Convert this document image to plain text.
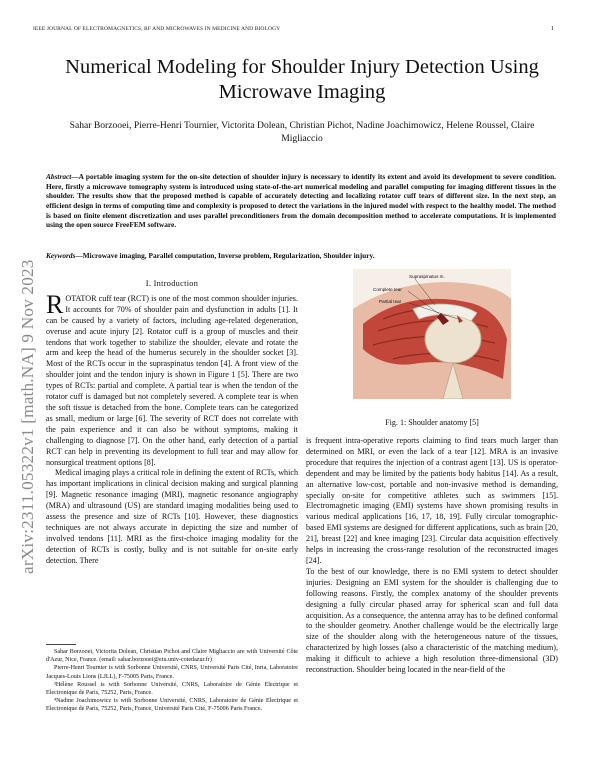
IEEE JOURNAL OF ELECTROMAGNETICS, RF AND MICROWAVES IN MEDICINE AND BIOLOGY	1
arXiv:2311.05322v1 [math.NA] 9 Nov 2023
Numerical Modeling for Shoulder Injury Detection Using Microwave Imaging
Sahar Borzooei, Pierre-Henri Tournier, Victorita Dolean, Christian Pichot, Nadine Joachimowicz, Helene Roussel, Claire Migliaccio
Abstract—A portable imaging system for the on-site detection of shoulder injury is necessary to identify its extent and avoid its development to severe condition. Here, firstly a microwave tomography system is introduced using state-of-the-art numerical modeling and parallel computing for imaging different tissues in the shoulder. The results show that the proposed method is capable of accurately detecting and localizing rotator cuff tears of different size. In the next step, an efficient design in terms of computing time and complexity is proposed to detect the variations in the injured model with respect to the healthy model. The method is based on finite element discretization and uses parallel preconditioners from the domain decomposition method to accelerate computations. It is implemented using the open source FreeFEM software.
Keywords—Microwave imaging, Parallel computation, Inverse problem, Regularization, Shoulder injury.
I. Introduction

ROTATOR cuff tear (RCT) is one of the most common shoulder injuries. It accounts for 70% of shoulder pain and dysfunction in adults [1]. It can be caused by a variety of factors, including age-related degeneration, overuse and acute injury [2]. Rotator cuff is a group of muscles and their tendons that work together to stabilize the shoulder, elevate and rotate the arm and keep the head of the humerus securely in the shoulder socket [3]. Most of the RCTs occur in the supraspinatus tendon [4]. A front view of the shoulder joint and the tendon injury is shown in Figure 1 [5]. There are two types of RCTs: partial and complete. A partial tear is when the tendon of the rotator cuff is damaged but not completely severed. A complete tear is when the soft tissue is detached from the bone. Complete tears can be categorized as small, medium or large [6]. The severity of RCT does not correlate with the pain experience and it can also be without symptoms, making it challenging to diagnose [7]. On the other hand, early detection of a partial RCT can help in preventing its development to full tear and may allow for nonsurgical treatment options [8].

Medical imaging plays a critical role in defining the extent of RCTs, which has important implications in clinical decision making and surgical planning [9]. Magnetic resonance imaging (MRI), magnetic resonance angiography (MRA) and ultrasound (US) are standard imaging modalities being used to assess the presence and size of RCTs [10]. However, these diagnostics techniques are not always accurate in depicting the size and number of involved tendons [11]. MRI as the first-choice imaging modality for the detection of RCTs is costly, bulky and is not suitable for on-site early detection. There

Supraspinatus m.
Complete tear
Partial tear
Fig. 1: Shoulder anatomy [5]

is frequent intra-operative reports claiming to find tears much larger than determined on MRI, or even the lack of a tear [12]. MRA is an invasive procedure that requires the injection of a contrast agent [13]. US is operator-dependent and may be limited by the patients body habitus [14]. As a result, an alternative low-cost, portable and non-invasive method is demanding, specially on-site for competitive athletes such as swimmers [15]. Electromagnetic imaging (EMI) systems have shown promising results in various medical applications [16, 17, 18, 19]. Fully circular tomographic-based EMI systems are designed for different applications, such as brain [20, 21], breast [22] and knee imaging [23]. Circular data acquisition effectively helps in increasing the cross-range resolution of the reconstructed images [24].

To the best of our knowledge, there is no EMI system to detect shoulder injuries. Designing an EMI system for the shoulder is challenging due to following reasons. Firstly, the complex anatomy of the shoulder prevents designing a fully circular phased array for spherical scan and full data acquisition. As a consequence, the antenna array has to be defined conformal to the shoulder geometry. Another challenge would be the electrically large size of the shoulder along with the heterogeneous nature of the tissues, characterized by high losses (also a characteristic of the matching medium), making it difficult to achieve a high resolution three-dimensional (3D) reconstruction. Shoulder being located in the near-field of the

Sahar Borzooei, Victorita Dolean, Christian Pichot and Claire Migliaccio are with Université Côte d'Azur, Nice, France. (email: sahar.borzooei@etu.univ-cotedazur.fr)

Pierre-Henri Tournier is with Sorbonne Université, CNRS, Université Paris Cité, Inria, Laboratoire Jacques-Louis Lions (LJLL), F-75005 Paris, France.

³Hélène Roussel is with Sorbonne Université, CNRS, Laboratoire de Génie Electrique et Electronique de Paris, 75252, Paris, France.

⁴Nadine Joachimowicz is with Sorbonne Université, CNRS, Laboratoire de Génie Electrique et Electronique de Paris, 75252, Paris, France, Université Paris Cité, F-75006 Paris France.
